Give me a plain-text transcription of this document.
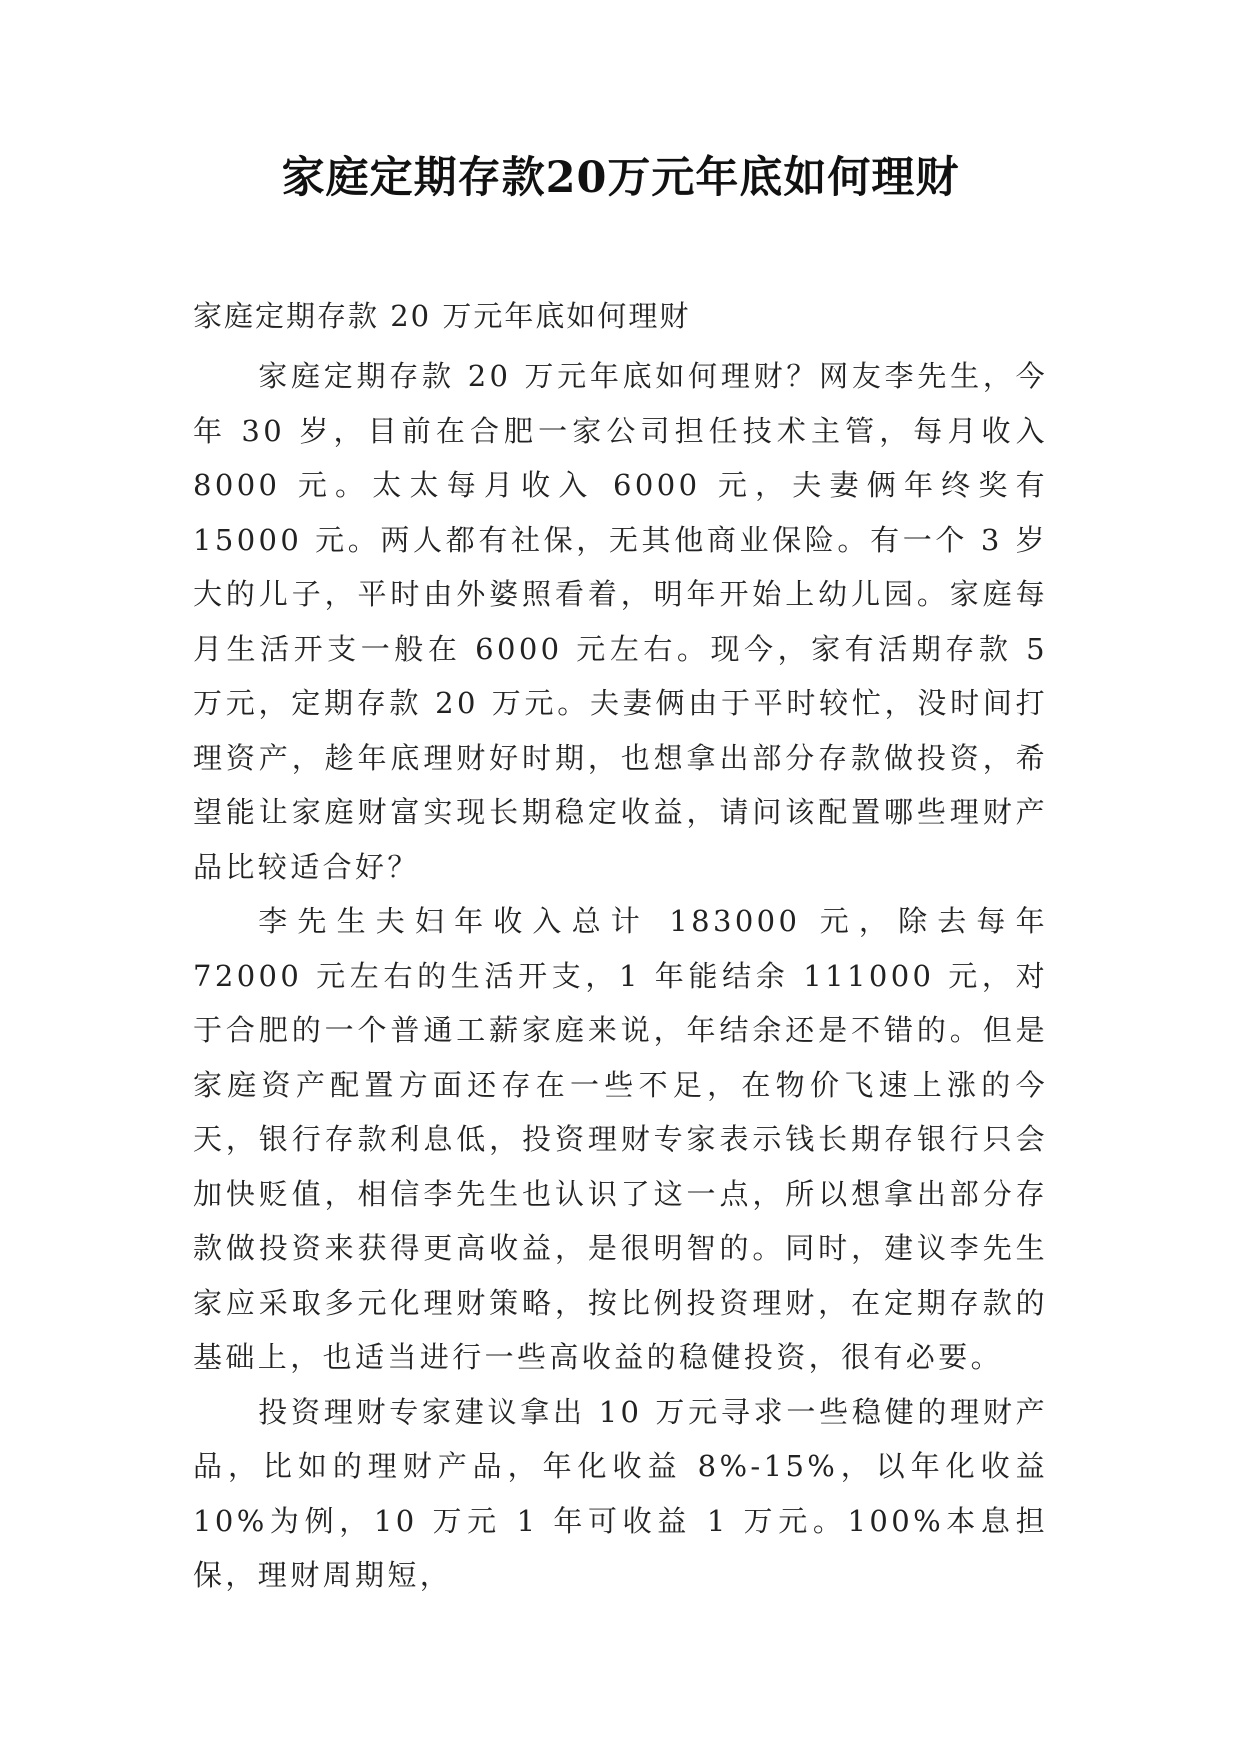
家庭定期存款20万元年底如何理财
家庭定期存款 20 万元年底如何理财

家庭定期存款 20 万元年底如何理财？网友李先生，今年 30 岁，目前在合肥一家公司担任技术主管，每月收入 8000 元。太太每月收入 6000 元，夫妻俩年终奖有 15000 元。两人都有社保，无其他商业保险。有一个 3 岁大的儿子，平时由外婆照看着，明年开始上幼儿园。家庭每月生活开支一般在 6000 元左右。现今，家有活期存款 5 万元，定期存款 20 万元。夫妻俩由于平时较忙，没时间打理资产，趁年底理财好时期，也想拿出部分存款做投资，希望能让家庭财富实现长期稳定收益，请问该配置哪些理财产品比较适合好？

李先生夫妇年收入总计 183000 元，除去每年 72000 元左右的生活开支，1 年能结余 111000 元，对于合肥的一个普通工薪家庭来说，年结余还是不错的。但是家庭资产配置方面还存在一些不足，在物价飞速上涨的今天，银行存款利息低，投资理财专家表示钱长期存银行只会加快贬值，相信李先生也认识了这一点，所以想拿出部分存款做投资来获得更高收益，是很明智的。同时，建议李先生家应采取多元化理财策略，按比例投资理财，在定期存款的基础上，也适当进行一些高收益的稳健投资，很有必要。

投资理财专家建议拿出 10 万元寻求一些稳健的理财产品，比如的理财产品，年化收益 8%-15%，以年化收益 10%为例，10 万元 1 年可收益 1 万元。100%本息担保，理财周期短，
